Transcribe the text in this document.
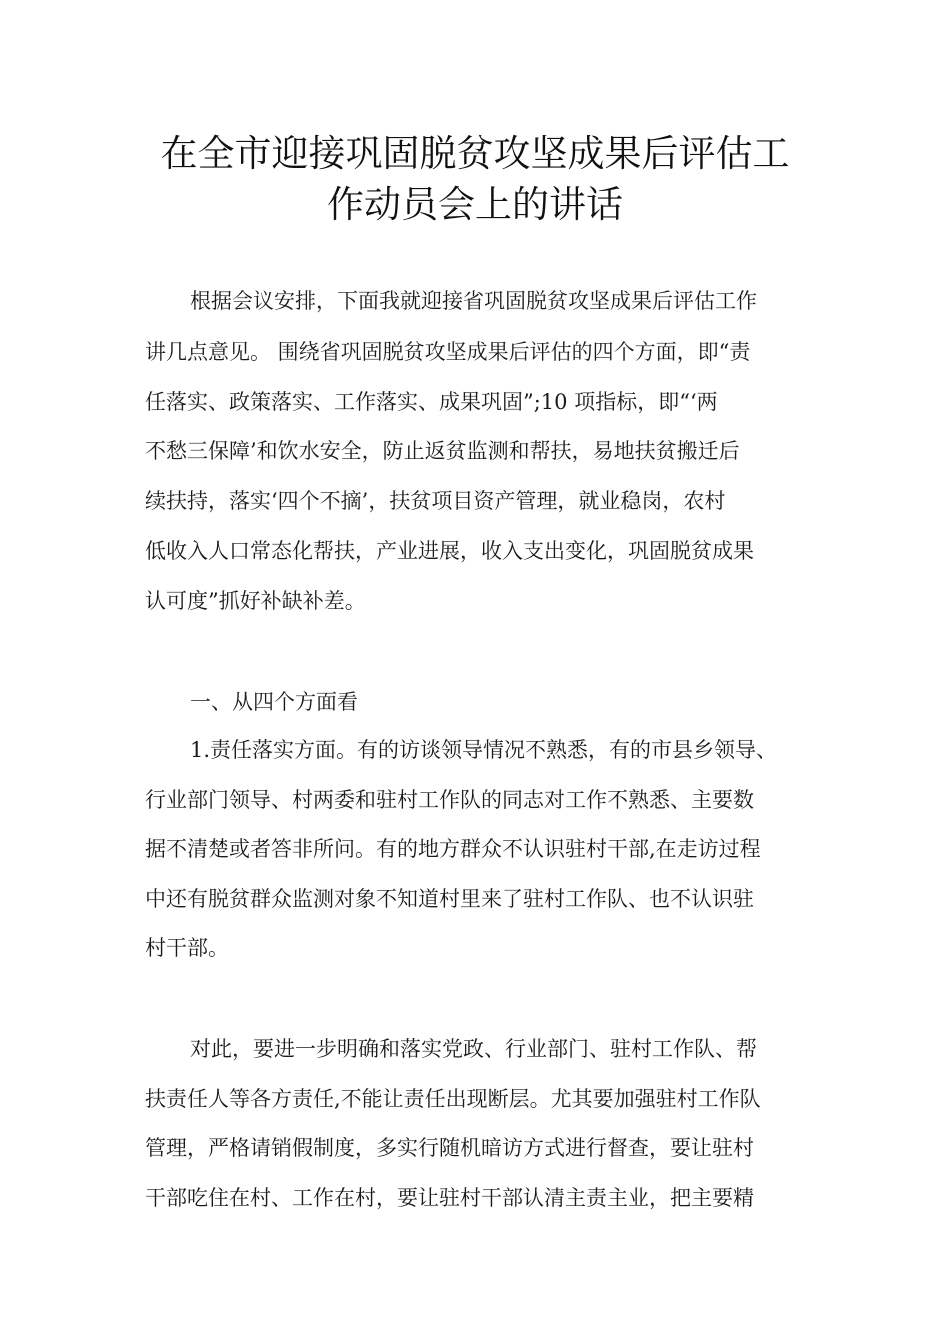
在全市迎接巩固脱贫攻坚成果后评估工
作动员会上的讲话
根据会议安排，下面我就迎接省巩固脱贫攻坚成果后评估工作
讲几点意见。 围绕省巩固脱贫攻坚成果后评估的四个方面，即“责
任落实、政策落实、工作落实、成果巩固”;10 项指标，即“‘两
不愁三保障’和饮水安全，防止返贫监测和帮扶，易地扶贫搬迁后
续扶持，落实‘四个不摘’，扶贫项目资产管理，就业稳岗，农村
低收入人口常态化帮扶，产业进展，收入支出变化，巩固脱贫成果
认可度”抓好补缺补差。
一、从四个方面看
1.责任落实方面。有的访谈领导情况不熟悉，有的市县乡领导、
行业部门领导、村两委和驻村工作队的同志对工作不熟悉、主要数
据不清楚或者答非所问。有的地方群众不认识驻村干部,在走访过程
中还有脱贫群众监测对象不知道村里来了驻村工作队、也不认识驻
村干部。
对此，要进一步明确和落实党政、行业部门、驻村工作队、帮
扶责任人等各方责任,不能让责任出现断层。尤其要加强驻村工作队
管理，严格请销假制度，多实行随机暗访方式进行督查，要让驻村
干部吃住在村、工作在村，要让驻村干部认清主责主业，把主要精
